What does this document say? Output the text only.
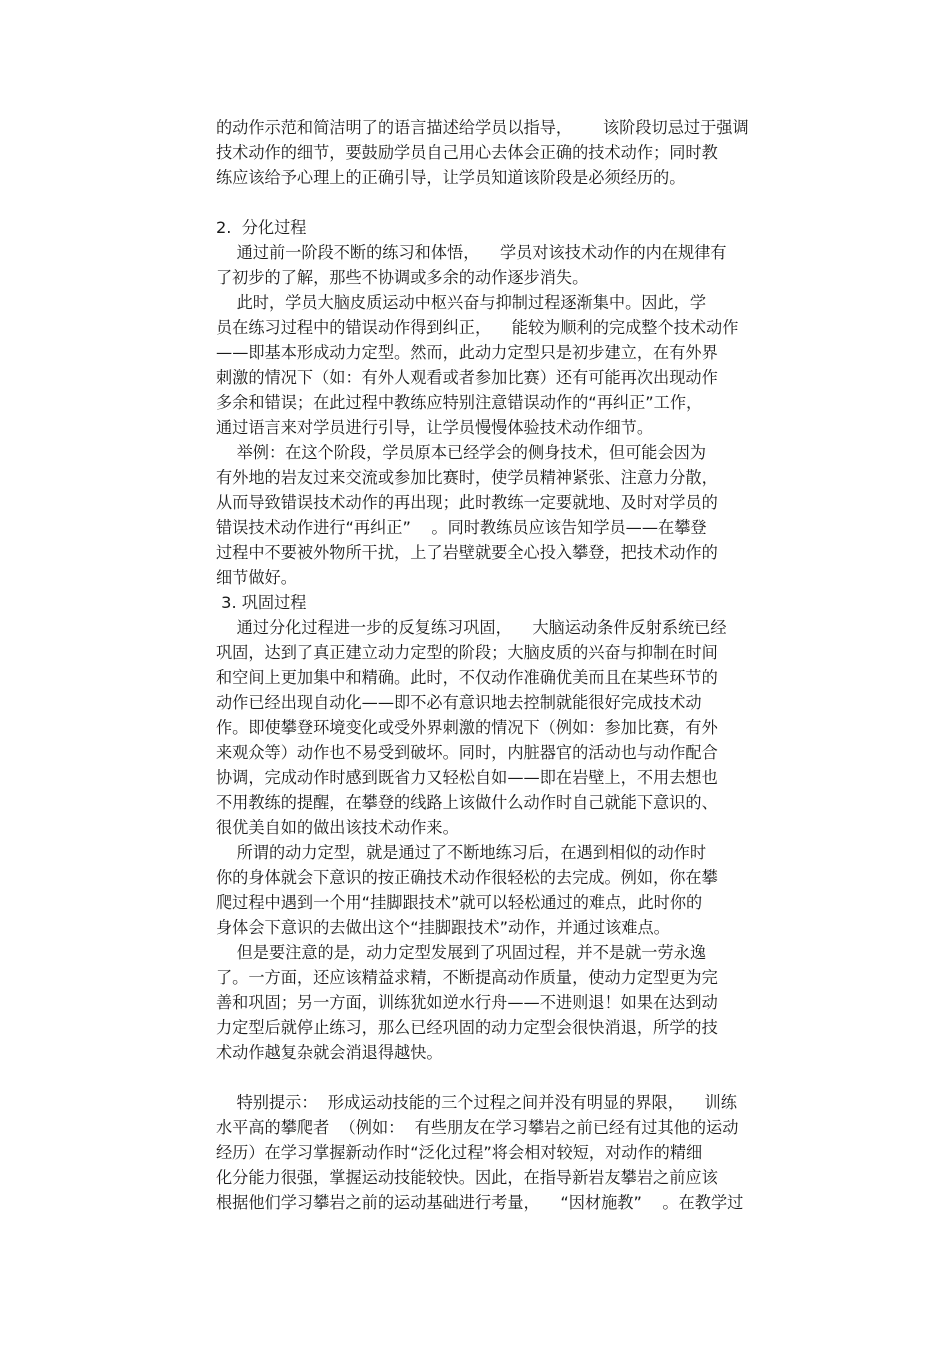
的动作示范和简洁明了的语言描述给学员以指导，      该阶段切忌过于强调
技术动作的细节，要鼓励学员自己用心去体会正确的技术动作；同时教
练应该给予心理上的正确引导，让学员知道该阶段是必须经历的。
2.  分化过程
通过前一阶段不断的练习和体悟，    学员对该技术动作的内在规律有
了初步的了解，那些不协调或多余的动作逐步消失。
此时，学员大脑皮质运动中枢兴奋与抑制过程逐渐集中。因此，学
员在练习过程中的错误动作得到纠正，    能较为顺利的完成整个技术动作
——即基本形成动力定型。然而，此动力定型只是初步建立，在有外界
刺激的情况下（如：有外人观看或者参加比赛）还有可能再次出现动作
多余和错误；在此过程中教练应特别注意错误动作的“再纠正”工作，
通过语言来对学员进行引导，让学员慢慢体验技术动作细节。
举例：在这个阶段，学员原本已经学会的侧身技术，但可能会因为
有外地的岩友过来交流或参加比赛时，使学员精神紧张、注意力分散，
从而导致错误技术动作的再出现；此时教练一定要就地、及时对学员的
错误技术动作进行“再纠正”    。同时教练员应该告知学员——在攀登
过程中不要被外物所干扰，上了岩壁就要全心投入攀登，把技术动作的
细节做好。
3. 巩固过程
通过分化过程进一步的反复练习巩固，    大脑运动条件反射系统已经
巩固，达到了真正建立动力定型的阶段；大脑皮质的兴奋与抑制在时间
和空间上更加集中和精确。此时，不仅动作准确优美而且在某些环节的
动作已经出现自动化——即不必有意识地去控制就能很好完成技术动
作。即使攀登环境变化或受外界刺激的情况下（例如：参加比赛，有外
来观众等）动作也不易受到破坏。同时，内脏器官的活动也与动作配合
协调，完成动作时感到既省力又轻松自如——即在岩壁上，不用去想也
不用教练的提醒，在攀登的线路上该做什么动作时自己就能下意识的、
很优美自如的做出该技术动作来。
所谓的动力定型，就是通过了不断地练习后，在遇到相似的动作时
你的身体就会下意识的按正确技术动作很轻松的去完成。例如，你在攀
爬过程中遇到一个用“挂脚跟技术”就可以轻松通过的难点，此时你的
身体会下意识的去做出这个“挂脚跟技术”动作，并通过该难点。
但是要注意的是，动力定型发展到了巩固过程，并不是就一劳永逸
了。一方面，还应该精益求精，不断提高动作质量，使动力定型更为完
善和巩固；另一方面，训练犹如逆水行舟——不进则退！如果在达到动
力定型后就停止练习，那么已经巩固的动力定型会很快消退，所学的技
术动作越复杂就会消退得越快。
特别提示：  形成运动技能的三个过程之间并没有明显的界限，    训练
水平高的攀爬者  （例如：  有些朋友在学习攀岩之前已经有过其他的运动
经历）在学习掌握新动作时“泛化过程”将会相对较短，对动作的精细
化分能力很强，掌握运动技能较快。因此，在指导新岩友攀岩之前应该
根据他们学习攀岩之前的运动基础进行考量，    “因材施教”    。在教学过
